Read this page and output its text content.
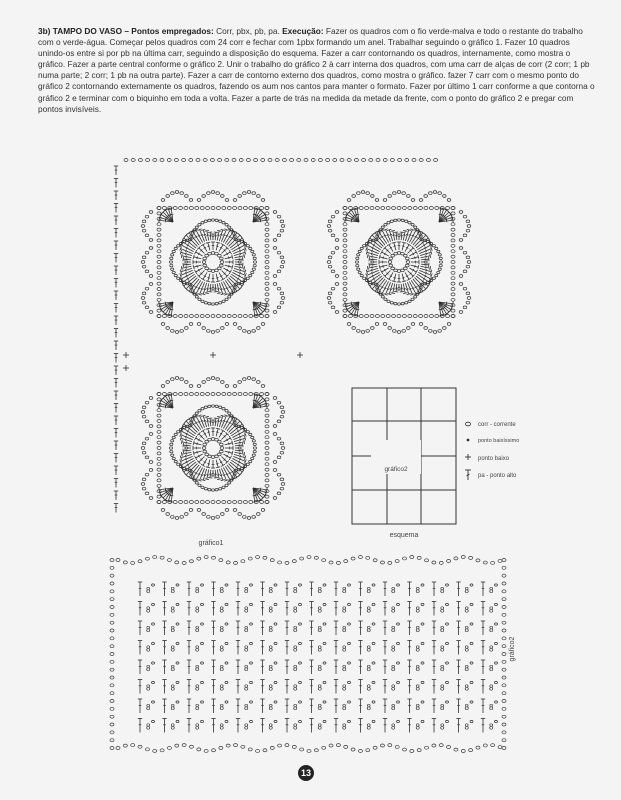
3b) TAMPO DO VASO – Pontos empregados: Corr, pbx, pb, pa. Execução: Fazer os quadros com o fio verde-malva e todo o restante do trabalho com o verde-água. Começar pelos quadros com 24 corr e fechar com 1pbx formando um anel. Trabalhar seguindo o gráfico 1. Fazer 10 quadros unindo-os entre si por pb na última carr, seguindo a disposição do esquema. Fazer a carr contornando os quadros, internamente, como mostra o gráfico. Fazer a parte central conforme o gráfico 2. Unir o trabalho do gráfico 2 à carr interna dos quadros, com uma carr de alças de corr (2 corr; 1 pb numa parte; 2 corr; 1 pb na outra parte). Fazer a carr de contorno externo dos quadros, como mostra o gráfico. fazer 7 carr com o mesmo ponto do gráfico 2 contornando externamente os quadros, fazendo os aum nos cantos para manter o formato. Fazer por último 1 carr conforme a que contorna o gráfico 2 e terminar com o biquinho em toda a volta. Fazer a parte de trás na medida da metade da frente, com o ponto do gráfico 2 e pregar com pontos invisíveis.
gráfico2
esquema
gráfico1
corr - corrente
ponto baixíssimo
ponto baixo
pa - ponto alto
8
8
8
8
8
8
8
8
8
8
8
8
8
8
8
8
8
8
8
8
8
8
8
8
8
8
8
8
8
8
8
8
8
8
8
8
8
8
8
8
8
8
8
8
8
8
8
8
8
8
8
8
8
8
8
8
8
8
8
8
8
8
8
8
8
8
8
8
8
8
8
8
8
8
8
8
8
8
8
8
8
8
8
8
8
8
8
8
8
8
8
8
8
8
8
8
8
8
8
8
8
8
8
8
8
8
8
8
8
8
8
8
8
8
8
8
8
8
8
8
gráfico2
13
